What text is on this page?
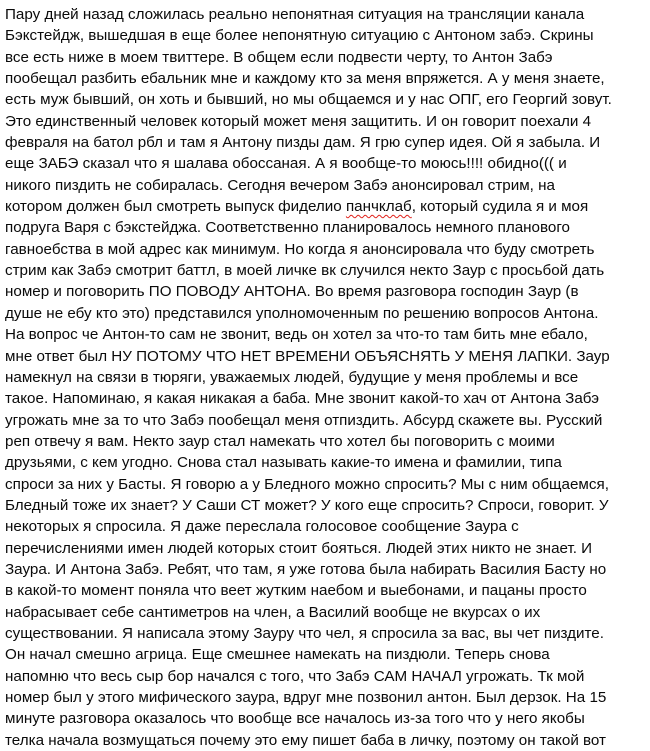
Пару дней назад сложилась реально непонятная ситуация на трансляции канала
Бэкстейдж, вышедшая в еще более непонятную ситуацию с Антоном забэ. Скрины
все есть ниже в моем твиттере. В общем если подвести черту, то Антон Забэ
пообещал разбить ебальник мне и каждому кто за меня впряжется. А у меня знаете,
есть муж бывший, он хоть и бывший, но мы общаемся и у нас ОПГ, его Георгий зовут.
Это единственный человек который может меня защитить. И он говорит поехали 4
февраля на батол рбл и там я Антону пизды дам. Я грю супер идея. Ой я забыла. И
еще ЗАБЭ сказал что я шалава обоссаная. А я вообще-то моюсь!!!! обидно((( и
никого пиздить не собиралась. Сегодня вечером Забэ анонсировал стрим, на
котором должен был смотреть выпуск фиделио панчклаб, который судила я и моя
подруга Варя с бэкстейджа. Соответственно планировалось немного планового
гавноебства в мой адрес как минимум. Но когда я анонсировала что буду смотреть
стрим как Забэ смотрит баттл, в моей личке вк случился некто Заур с просьбой дать
номер и поговорить ПО ПОВОДУ АНТОНА. Во время разговора господин Заур (в
душе не ебу кто это) представился уполномоченным по решению вопросов Антона.
На вопрос че Антон-то сам не звонит, ведь он хотел за что-то там бить мне ебало,
мне ответ был НУ ПОТОМУ ЧТО НЕТ ВРЕМЕНИ ОБЪЯСНЯТЬ У МЕНЯ ЛАПКИ. Заур
намекнул на связи в тюряги, уважаемых людей, будущие у меня проблемы и все
такое. Напоминаю, я какая никакая а баба. Мне звонит какой-то хач от Антона Забэ
угрожать мне за то что Забэ пообещал меня отпиздить. Абсурд скажете вы. Русский
реп отвечу я вам. Некто заур стал намекать что хотел бы поговорить с моими
друзьями, с кем угодно. Снова стал называть какие-то имена и фамилии, типа
спроси за них у Басты. Я говорю а у Бледного можно спросить? Мы с ним общаемся,
Бледный тоже их знает? У Саши СТ может? У кого еще спросить? Спроси, говорит. У
некоторых я спросила. Я даже переслала голосовое сообщение Заура с
перечислениями имен людей которых стоит бояться. Людей этих никто не знает. И
Заура. И Антона Забэ. Ребят, что там, я уже готова была набирать Василия Басту но
в какой-то момент поняла что веет жутким наебом и выебонами, и пацаны просто
набрасывает себе сантиметров на член, а Василий вообще не вкурсах о их
существовании. Я написала этому Зауру что чел, я спросила за вас, вы чет пиздите.
Он начал смешно агрица. Еще смешнее намекать на пиздюли. Теперь снова
напомню что весь сыр бор начался с того, что Забэ САМ НАЧАЛ угрожать. Тк мой
номер был у этого мифического заура, вдруг мне позвонил антон. Был дерзок. На 15
минуте разговора оказалось что вообще все началось из-за того что у него якобы
телка начала возмущаться почему это ему пишет баба в личку, поэтому он такой вот
